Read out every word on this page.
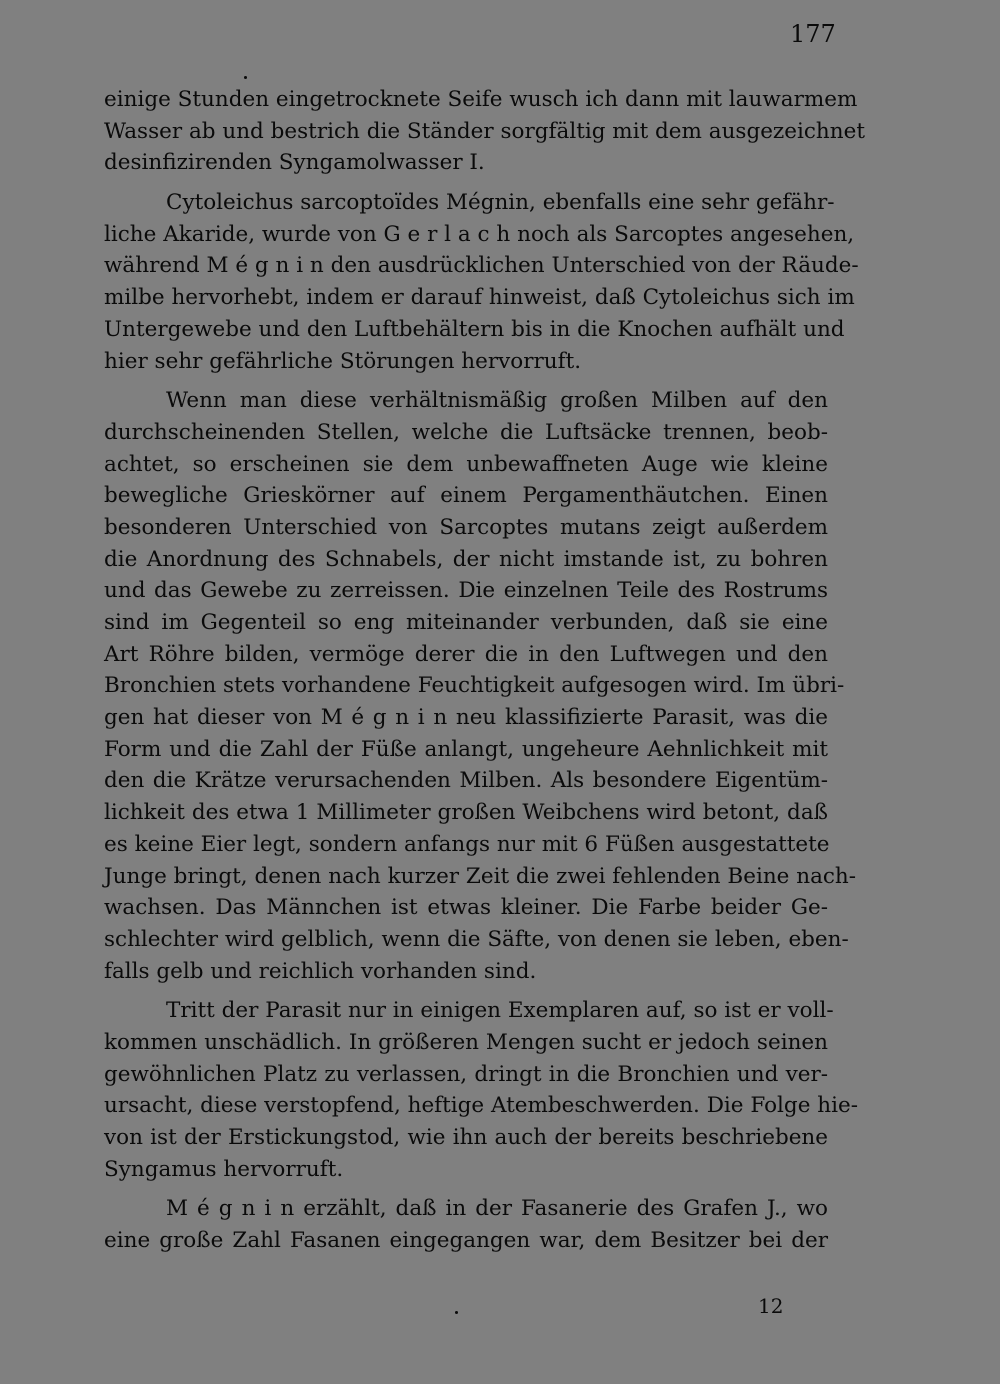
177
einige Stunden eingetrocknete Seife wusch ich dann mit lauwarmem
Wasser ab und bestrich die Ständer sorgfältig mit dem ausgezeichnet
desinfizirenden Syngamolwasser I.
Cytoleichus sarcoptoïdes Mégnin, ebenfalls eine sehr gefähr-
liche Akaride, wurde von G e r l a c h noch als Sarcoptes angesehen,
während M é g n i n den ausdrücklichen Unterschied von der Räude-
milbe hervorhebt, indem er darauf hinweist, daß Cytoleichus sich im
Untergewebe und den Luftbehältern bis in die Knochen aufhält und
hier sehr gefährliche Störungen hervorruft.
Wenn man diese verhältnismäßig großen Milben auf den
durchscheinenden Stellen, welche die Luftsäcke trennen, beob-
achtet, so erscheinen sie dem unbewaffneten Auge wie kleine
bewegliche Grieskörner auf einem Pergamenthäutchen. Einen
besonderen Unterschied von Sarcoptes mutans zeigt außerdem
die Anordnung des Schnabels, der nicht imstande ist, zu bohren
und das Gewebe zu zerreissen. Die einzelnen Teile des Rostrums
sind im Gegenteil so eng miteinander verbunden, daß sie eine
Art Röhre bilden, vermöge derer die in den Luftwegen und den
Bronchien stets vorhandene Feuchtigkeit aufgesogen wird. Im übri-
gen hat dieser von M é g n i n neu klassifizierte Parasit, was die
Form und die Zahl der Füße anlangt, ungeheure Aehnlichkeit mit
den die Krätze verursachenden Milben. Als besondere Eigentüm-
lichkeit des etwa 1 Millimeter großen Weibchens wird betont, daß
es keine Eier legt, sondern anfangs nur mit 6 Füßen ausgestattete
Junge bringt, denen nach kurzer Zeit die zwei fehlenden Beine nach-
wachsen. Das Männchen ist etwas kleiner. Die Farbe beider Ge-
schlechter wird gelblich, wenn die Säfte, von denen sie leben, eben-
falls gelb und reichlich vorhanden sind.
Tritt der Parasit nur in einigen Exemplaren auf, so ist er voll-
kommen unschädlich. In größeren Mengen sucht er jedoch seinen
gewöhnlichen Platz zu verlassen, dringt in die Bronchien und ver-
ursacht, diese verstopfend, heftige Atembeschwerden. Die Folge hie-
von ist der Erstickungstod, wie ihn auch der bereits beschriebene
Syngamus hervorruft.
M é g n i n erzählt, daß in der Fasanerie des Grafen J., wo
eine große Zahl Fasanen eingegangen war, dem Besitzer bei der
12
